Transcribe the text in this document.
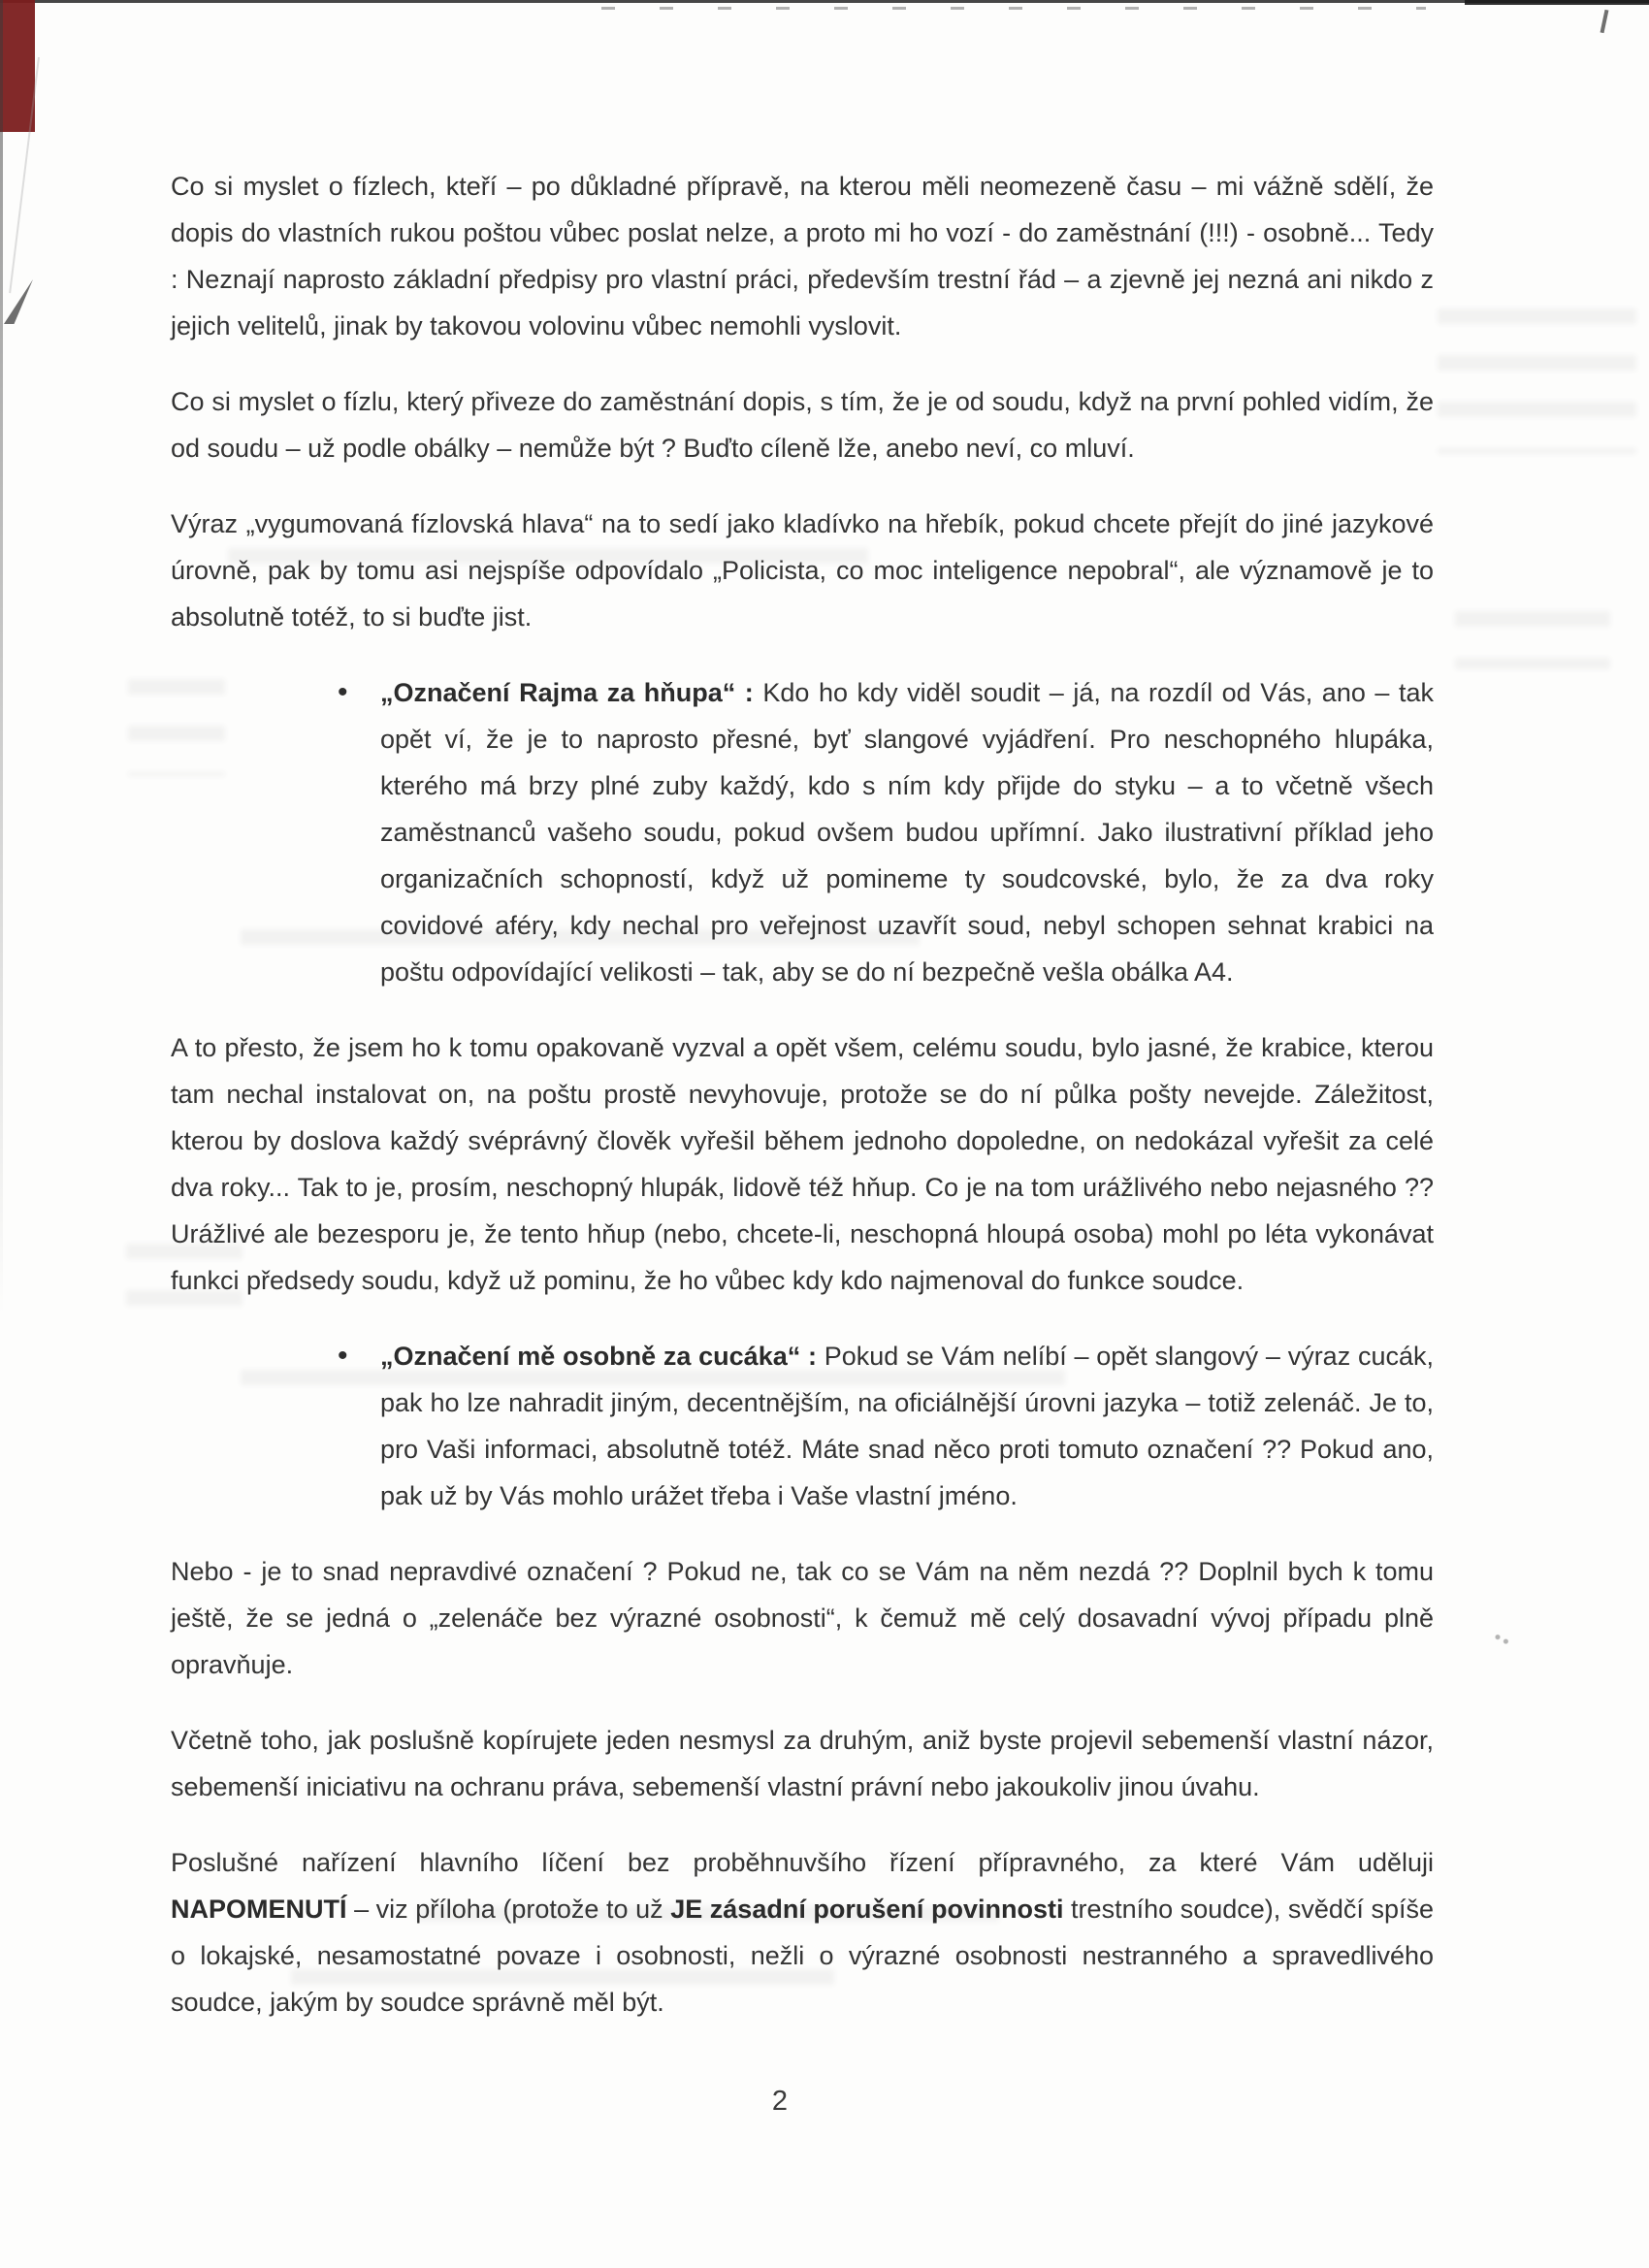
Co si myslet o fízlech, kteří – po důkladné přípravě, na kterou měli neomezeně času – mi vážně sdělí, že dopis do vlastních rukou poštou vůbec poslat nelze, a proto mi ho vozí - do zaměstnání (!!!) - osobně... Tedy : Neznají naprosto základní předpisy pro vlastní práci, především trestní řád – a zjevně jej nezná ani nikdo z jejich velitelů, jinak by takovou volovinu vůbec nemohli vyslovit.

Co si myslet o fízlu, který přiveze do zaměstnání dopis, s tím, že je od soudu, když na první pohled vidím, že od soudu – už podle obálky – nemůže být ? Buďto cíleně lže, anebo neví, co mluví.

Výraz „vygumovaná fízlovská hlava“ na to sedí jako kladívko na hřebík, pokud chcete přejít do jiné jazykové úrovně, pak by tomu asi nejspíše odpovídalo „Policista, co moc inteligence nepobral“, ale významově je to absolutně totéž, to si buďte jist.

•	„Označení Rajma za hňupa“ : Kdo ho kdy viděl soudit – já, na rozdíl od Vás, ano – tak opět ví, že je to naprosto přesné, byť slangové vyjádření. Pro neschopného hlupáka, kterého má brzy plné zuby každý, kdo s ním kdy přijde do styku – a to včetně všech zaměstnanců vašeho soudu, pokud ovšem budou upřímní. Jako ilustrativní příklad jeho organizačních schopností, když už pomineme ty soudcovské, bylo, že za dva roky covidové aféry, kdy nechal pro veřejnost uzavřít soud, nebyl schopen sehnat krabici na poštu odpovídající velikosti – tak, aby se do ní bezpečně vešla obálka A4.

A to přesto, že jsem ho k tomu opakovaně vyzval a opět všem, celému soudu, bylo jasné, že krabice, kterou tam nechal instalovat on, na poštu prostě nevyhovuje, protože se do ní půlka pošty nevejde. Záležitost, kterou by doslova každý svéprávný člověk vyřešil během jednoho dopoledne, on nedokázal vyřešit za celé dva roky... Tak to je, prosím, neschopný hlupák, lidově též hňup. Co je na tom urážlivého nebo nejasného ?? Urážlivé ale bezesporu je, že tento hňup (nebo, chcete-li, neschopná hloupá osoba) mohl po léta vykonávat funkci předsedy soudu, když už pominu, že ho vůbec kdy kdo najmenoval do funkce soudce.

•	„Označení mě osobně za cucáka“ : Pokud se Vám nelíbí – opět slangový – výraz cucák, pak ho lze nahradit jiným, decentnějším, na oficiálnější úrovni jazyka – totiž zelenáč. Je to, pro Vaši informaci, absolutně totéž. Máte snad něco proti tomuto označení ?? Pokud ano, pak už by Vás mohlo urážet třeba i Vaše vlastní jméno.

Nebo - je to snad nepravdivé označení ? Pokud ne, tak co se Vám na něm nezdá ?? Doplnil bych k tomu ještě, že se jedná o „zelenáče bez výrazné osobnosti“, k čemuž mě celý dosavadní vývoj případu plně opravňuje.

Včetně toho, jak poslušně kopírujete jeden nesmysl za druhým, aniž byste projevil sebemenší vlastní názor, sebemenší iniciativu na ochranu práva, sebemenší vlastní právní nebo jakoukoliv jinou úvahu.

Poslušné nařízení hlavního líčení bez proběhnuvšího řízení přípravného, za které Vám uděluji NAPOMENUTÍ – viz příloha (protože to už JE zásadní porušení povinnosti trestního soudce), svědčí spíše o lokajské, nesamostatné povaze i osobnosti, nežli o výrazné osobnosti nestranného a spravedlivého soudce, jakým by soudce správně měl být.

2
